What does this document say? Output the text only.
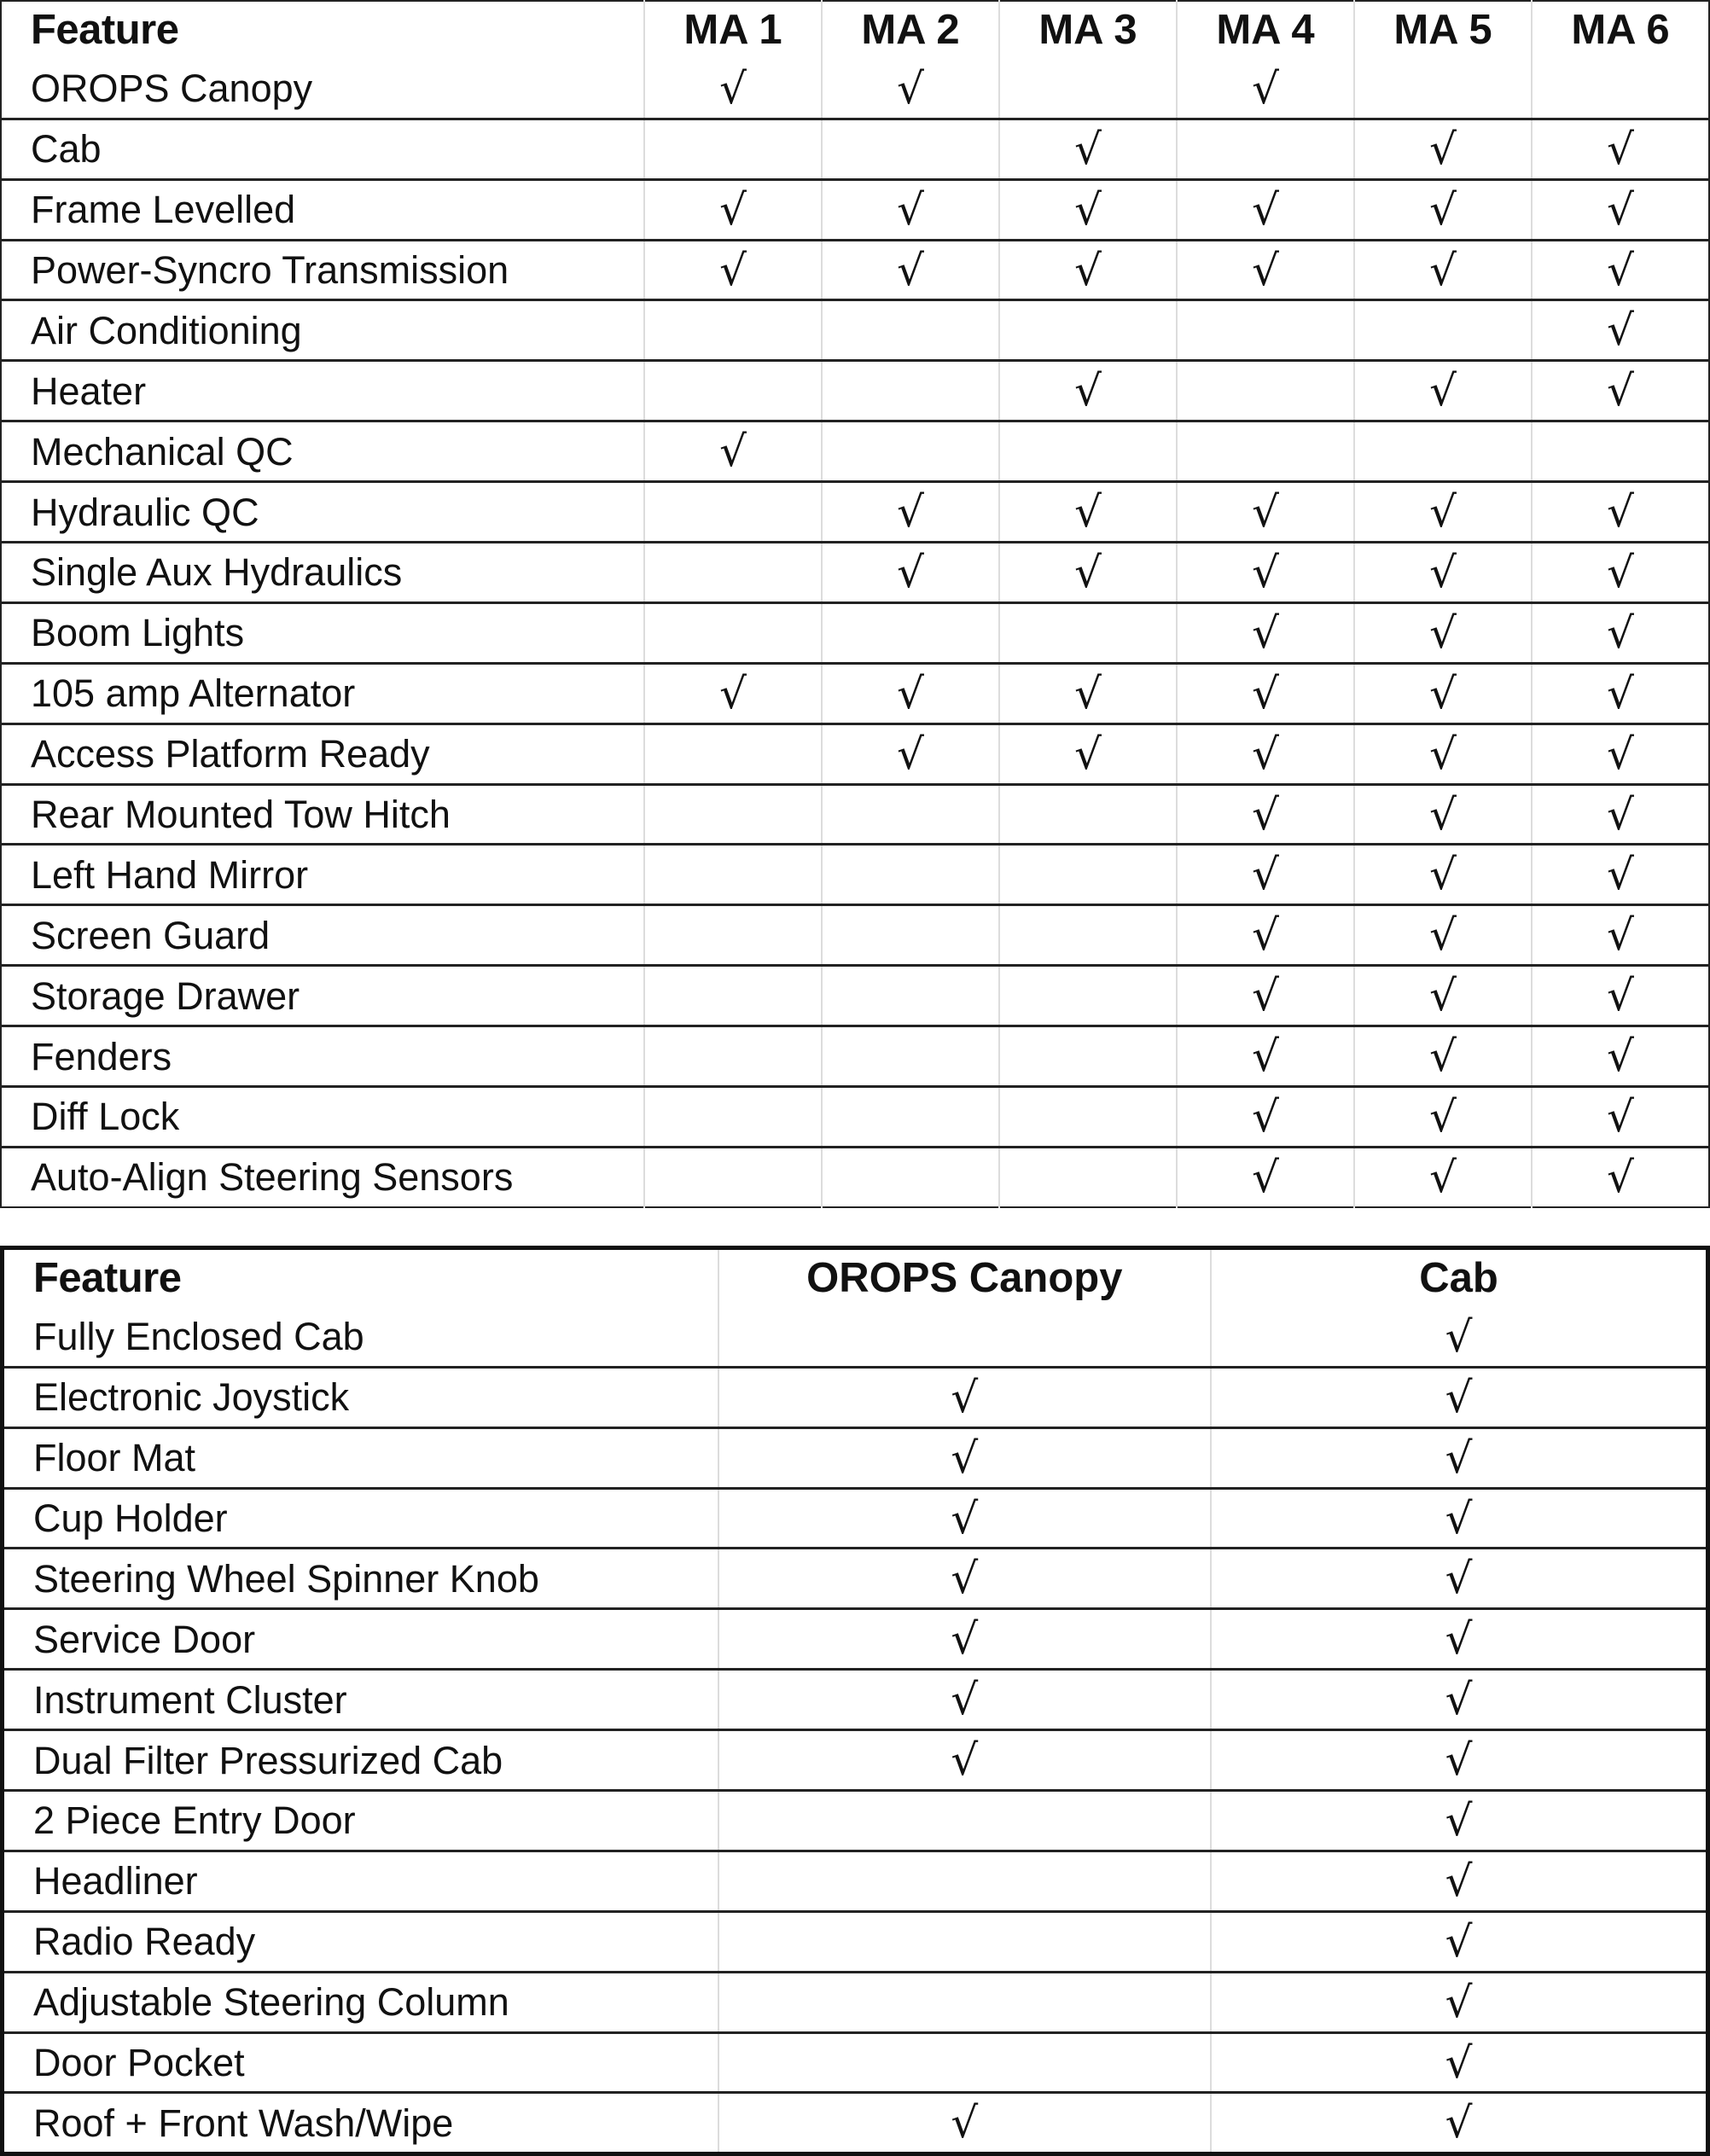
Feature	MA 1	MA 2	MA 3	MA 4	MA 5	MA 6
OROPS Canopy	√	√		√		
Cab			√		√	√
Frame Levelled	√	√	√	√	√	√
Power-Syncro Transmission	√	√	√	√	√	√
Air Conditioning						√
Heater			√		√	√
Mechanical QC	√					
Hydraulic QC		√	√	√	√	√
Single Aux Hydraulics		√	√	√	√	√
Boom Lights				√	√	√
105 amp Alternator	√	√	√	√	√	√
Access Platform Ready		√	√	√	√	√
Rear Mounted Tow Hitch				√	√	√
Left Hand Mirror				√	√	√
Screen Guard				√	√	√
Storage Drawer				√	√	√
Fenders				√	√	√
Diff Lock				√	√	√
Auto-Align Steering Sensors				√	√	√
Feature	OROPS Canopy	Cab
Fully Enclosed Cab		√
Electronic Joystick	√	√
Floor Mat	√	√
Cup Holder	√	√
Steering Wheel Spinner Knob	√	√
Service Door	√	√
Instrument Cluster	√	√
Dual Filter Pressurized Cab	√	√
2 Piece Entry Door		√
Headliner		√
Radio Ready		√
Adjustable Steering Column		√
Door Pocket		√
Roof + Front Wash/Wipe	√	√
